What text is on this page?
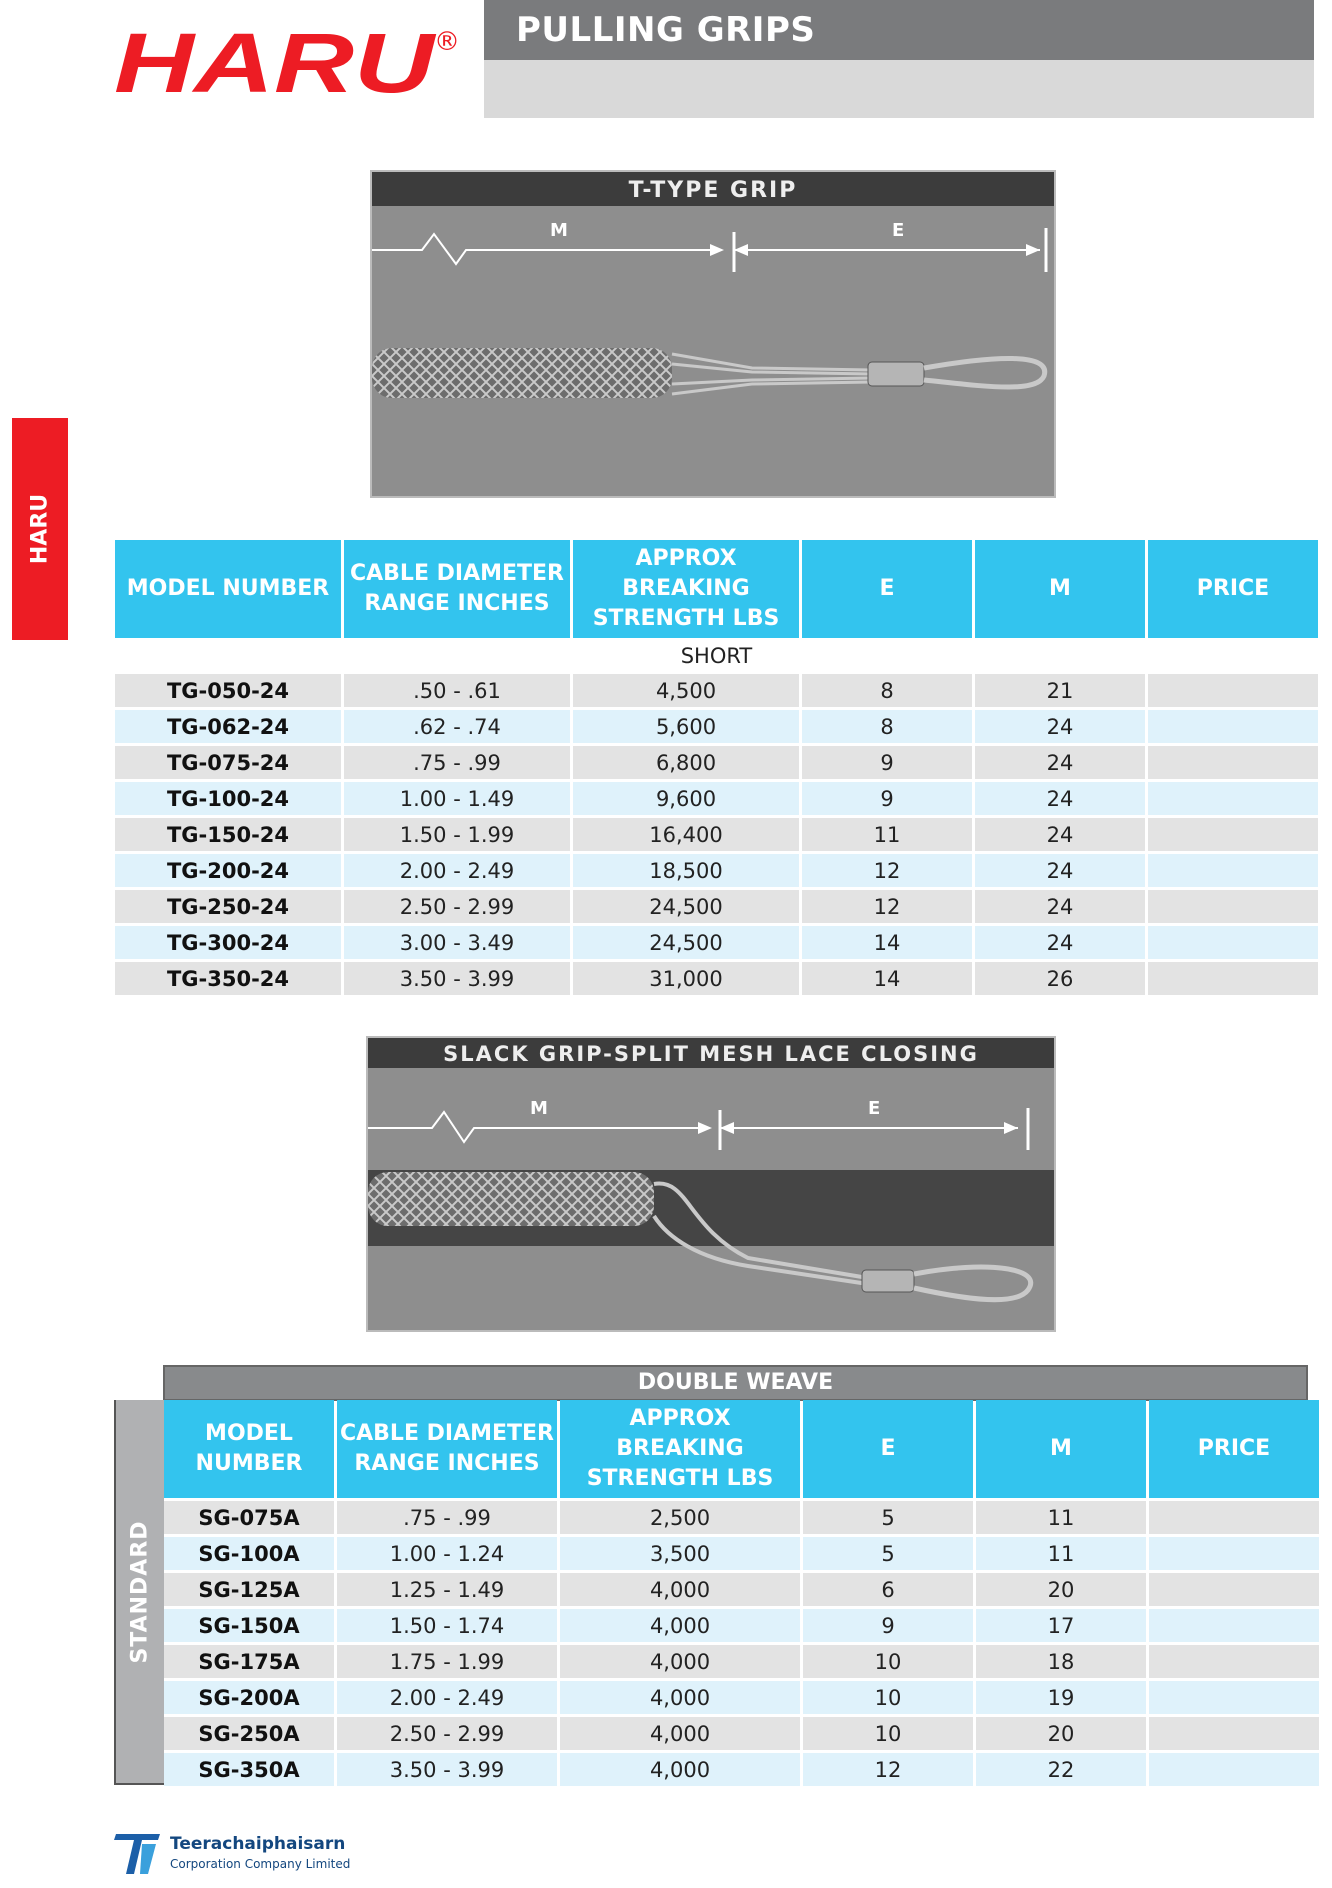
HARU
® PULLING GRIPS
HARU
T-TYPE GRIP
M	E
MODEL NUMBER	CABLE DIAMETER RANGE INCHES	APPROX BREAKING STRENGTH LBS	E	M	PRICE
SHORT					
TG-050-24	.50 - .61	4,500	8	21	
TG-062-24	.62 - .74	5,600	8	24	
TG-075-24	.75 - .99	6,800	9	24	
TG-100-24	1.00 - 1.49	9,600	9	24	
TG-150-24	1.50 - 1.99	16,400	11	24	
TG-200-24	2.00 - 2.49	18,500	12	24	
TG-250-24	2.50 - 2.99	24,500	12	24	
TG-300-24	3.00 - 3.49	24,500	14	24	
TG-350-24	3.50 - 3.99	31,000	14	26	
SLACK GRIP-SPLIT MESH LACE CLOSING
M	E
DOUBLE WEAVE
STANDARD
MODEL NUMBER	CABLE DIAMETER RANGE INCHES	APPROX BREAKING STRENGTH LBS	E	M	PRICE
SG-075A	.75 - .99	2,500	5	11	
SG-100A	1.00 - 1.24	3,500	5	11	
SG-125A	1.25 - 1.49	4,000	6	20	
SG-150A	1.50 - 1.74	4,000	9	17	
SG-175A	1.75 - 1.99	4,000	10	18	
SG-200A	2.00 - 2.49	4,000	10	19	
SG-250A	2.50 - 2.99	4,000	10	20	
SG-350A	3.50 - 3.99	4,000	12	22	
Teerachaiphaisarn
Corporation Company Limited
